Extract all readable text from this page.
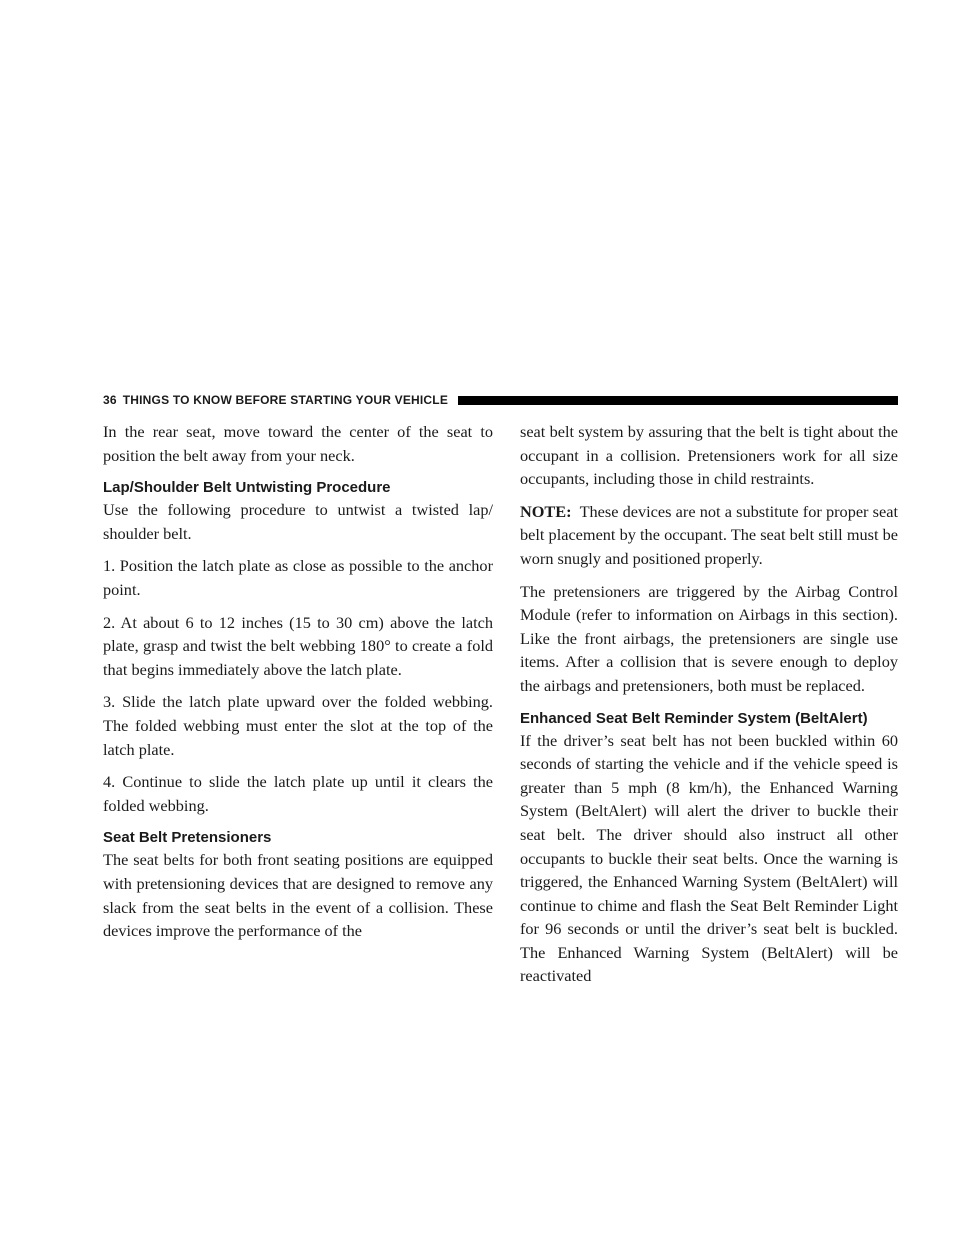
36 THINGS TO KNOW BEFORE STARTING YOUR VEHICLE

In the rear seat, move toward the center of the seat to position the belt away from your neck.

Lap/Shoulder Belt Untwisting Procedure

Use the following procedure to untwist a twisted lap/ shoulder belt.

1. Position the latch plate as close as possible to the anchor point.

2. At about 6 to 12 inches (15 to 30 cm) above the latch plate, grasp and twist the belt webbing 180° to create a fold that begins immediately above the latch plate.

3. Slide the latch plate upward over the folded webbing. The folded webbing must enter the slot at the top of the latch plate.

4. Continue to slide the latch plate up until it clears the folded webbing.

Seat Belt Pretensioners

The seat belts for both front seating positions are equipped with pretensioning devices that are designed to remove any slack from the seat belts in the event of a collision. These devices improve the performance of the

seat belt system by assuring that the belt is tight about the occupant in a collision. Pretensioners work for all size occupants, including those in child restraints.

NOTE: These devices are not a substitute for proper seat belt placement by the occupant. The seat belt still must be worn snugly and positioned properly.

The pretensioners are triggered by the Airbag Control Module (refer to information on Airbags in this section). Like the front airbags, the pretensioners are single use items. After a collision that is severe enough to deploy the airbags and pretensioners, both must be replaced.

Enhanced Seat Belt Reminder System (BeltAlert)

If the driver’s seat belt has not been buckled within 60 seconds of starting the vehicle and if the vehicle speed is greater than 5 mph (8 km/h), the Enhanced Warning System (BeltAlert) will alert the driver to buckle their seat belt. The driver should also instruct all other occupants to buckle their seat belts. Once the warning is triggered, the Enhanced Warning System (BeltAlert) will continue to chime and flash the Seat Belt Reminder Light for 96 seconds or until the driver’s seat belt is buckled. The Enhanced Warning System (BeltAlert) will be reactivated
